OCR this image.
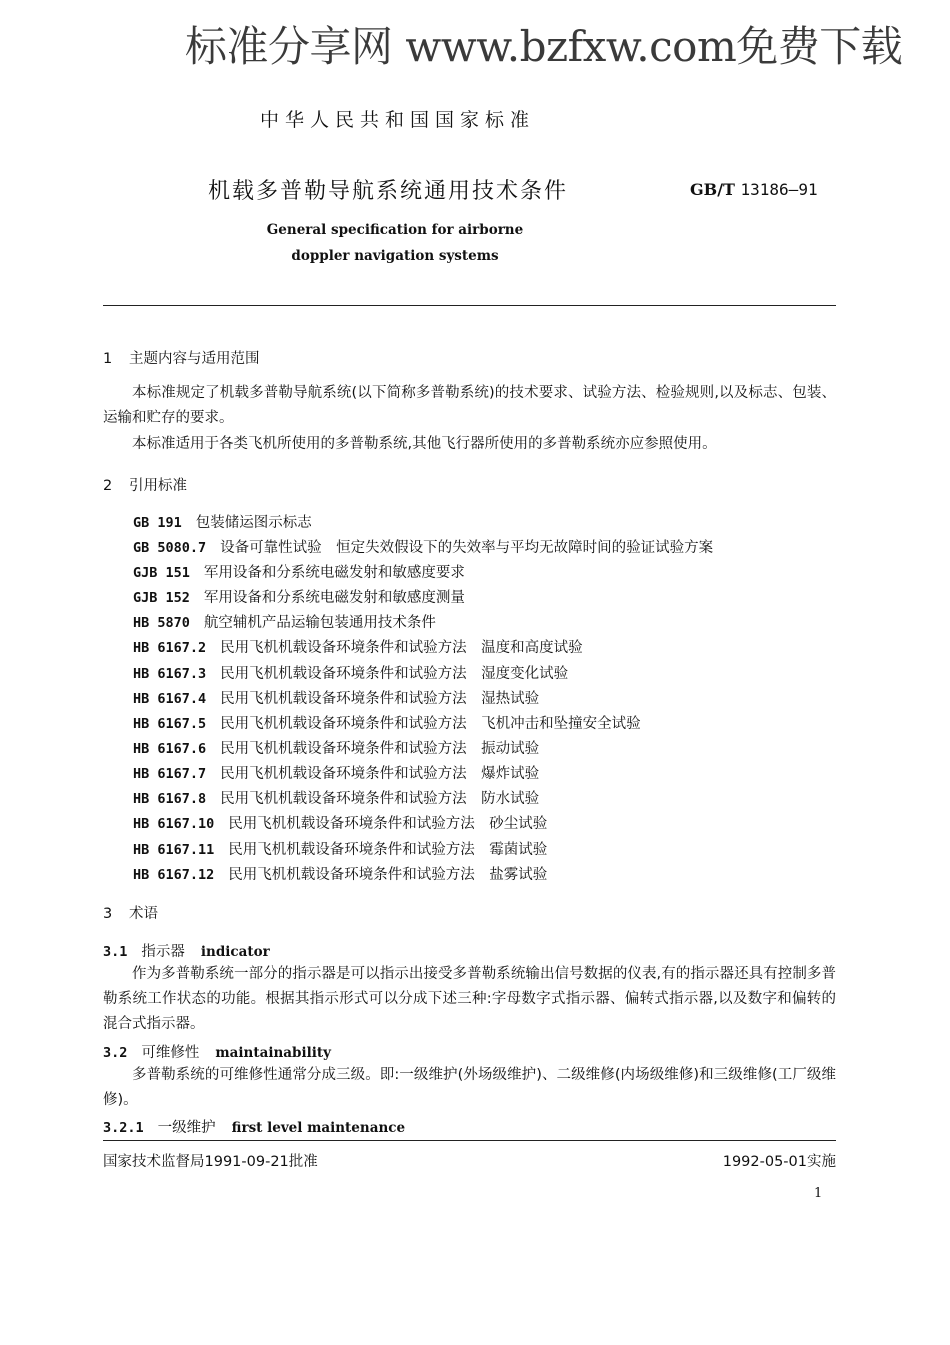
标准分享网 www.bzfxw.com免费下载
中华人民共和国国家标准
机载多普勒导航系统通用技术条件	GB/T 13186—91
General specification for airborne
doppler navigation systems
1 主题内容与适用范围
本标准规定了机载多普勒导航系统(以下简称多普勒系统)的技术要求、试验方法、检验规则,以及标志、包装、运输和贮存的要求。
本标准适用于各类飞机所使用的多普勒系统,其他飞行器所使用的多普勒系统亦应参照使用。
2 引用标准
GB 191 包装储运图示标志
GB 5080.7 设备可靠性试验　恒定失效假设下的失效率与平均无故障时间的验证试验方案
GJB 151 军用设备和分系统电磁发射和敏感度要求
GJB 152 军用设备和分系统电磁发射和敏感度测量
HB 5870 航空辅机产品运输包装通用技术条件
HB 6167.2 民用飞机机载设备环境条件和试验方法　温度和高度试验
HB 6167.3 民用飞机机载设备环境条件和试验方法　湿度变化试验
HB 6167.4 民用飞机机载设备环境条件和试验方法　湿热试验
HB 6167.5 民用飞机机载设备环境条件和试验方法　飞机冲击和坠撞安全试验
HB 6167.6 民用飞机机载设备环境条件和试验方法　振动试验
HB 6167.7 民用飞机机载设备环境条件和试验方法　爆炸试验
HB 6167.8 民用飞机机载设备环境条件和试验方法　防水试验
HB 6167.10 民用飞机机载设备环境条件和试验方法　砂尘试验
HB 6167.11 民用飞机机载设备环境条件和试验方法　霉菌试验
HB 6167.12 民用飞机机载设备环境条件和试验方法　盐雾试验
3 术语
3.1 指示器 indicator
作为多普勒系统一部分的指示器是可以指示出接受多普勒系统输出信号数据的仪表,有的指示器还具有控制多普勒系统工作状态的功能。根据其指示形式可以分成下述三种:字母数字式指示器、偏转式指示器,以及数字和偏转的混合式指示器。
3.2 可维修性 maintainability
多普勒系统的可维修性通常分成三级。即:一级维护(外场级维护)、二级维修(内场级维修)和三级维修(工厂级维修)。
3.2.1 一级维护 first level maintenance
国家技术监督局1991-09-21批准	1992-05-01实施
1
